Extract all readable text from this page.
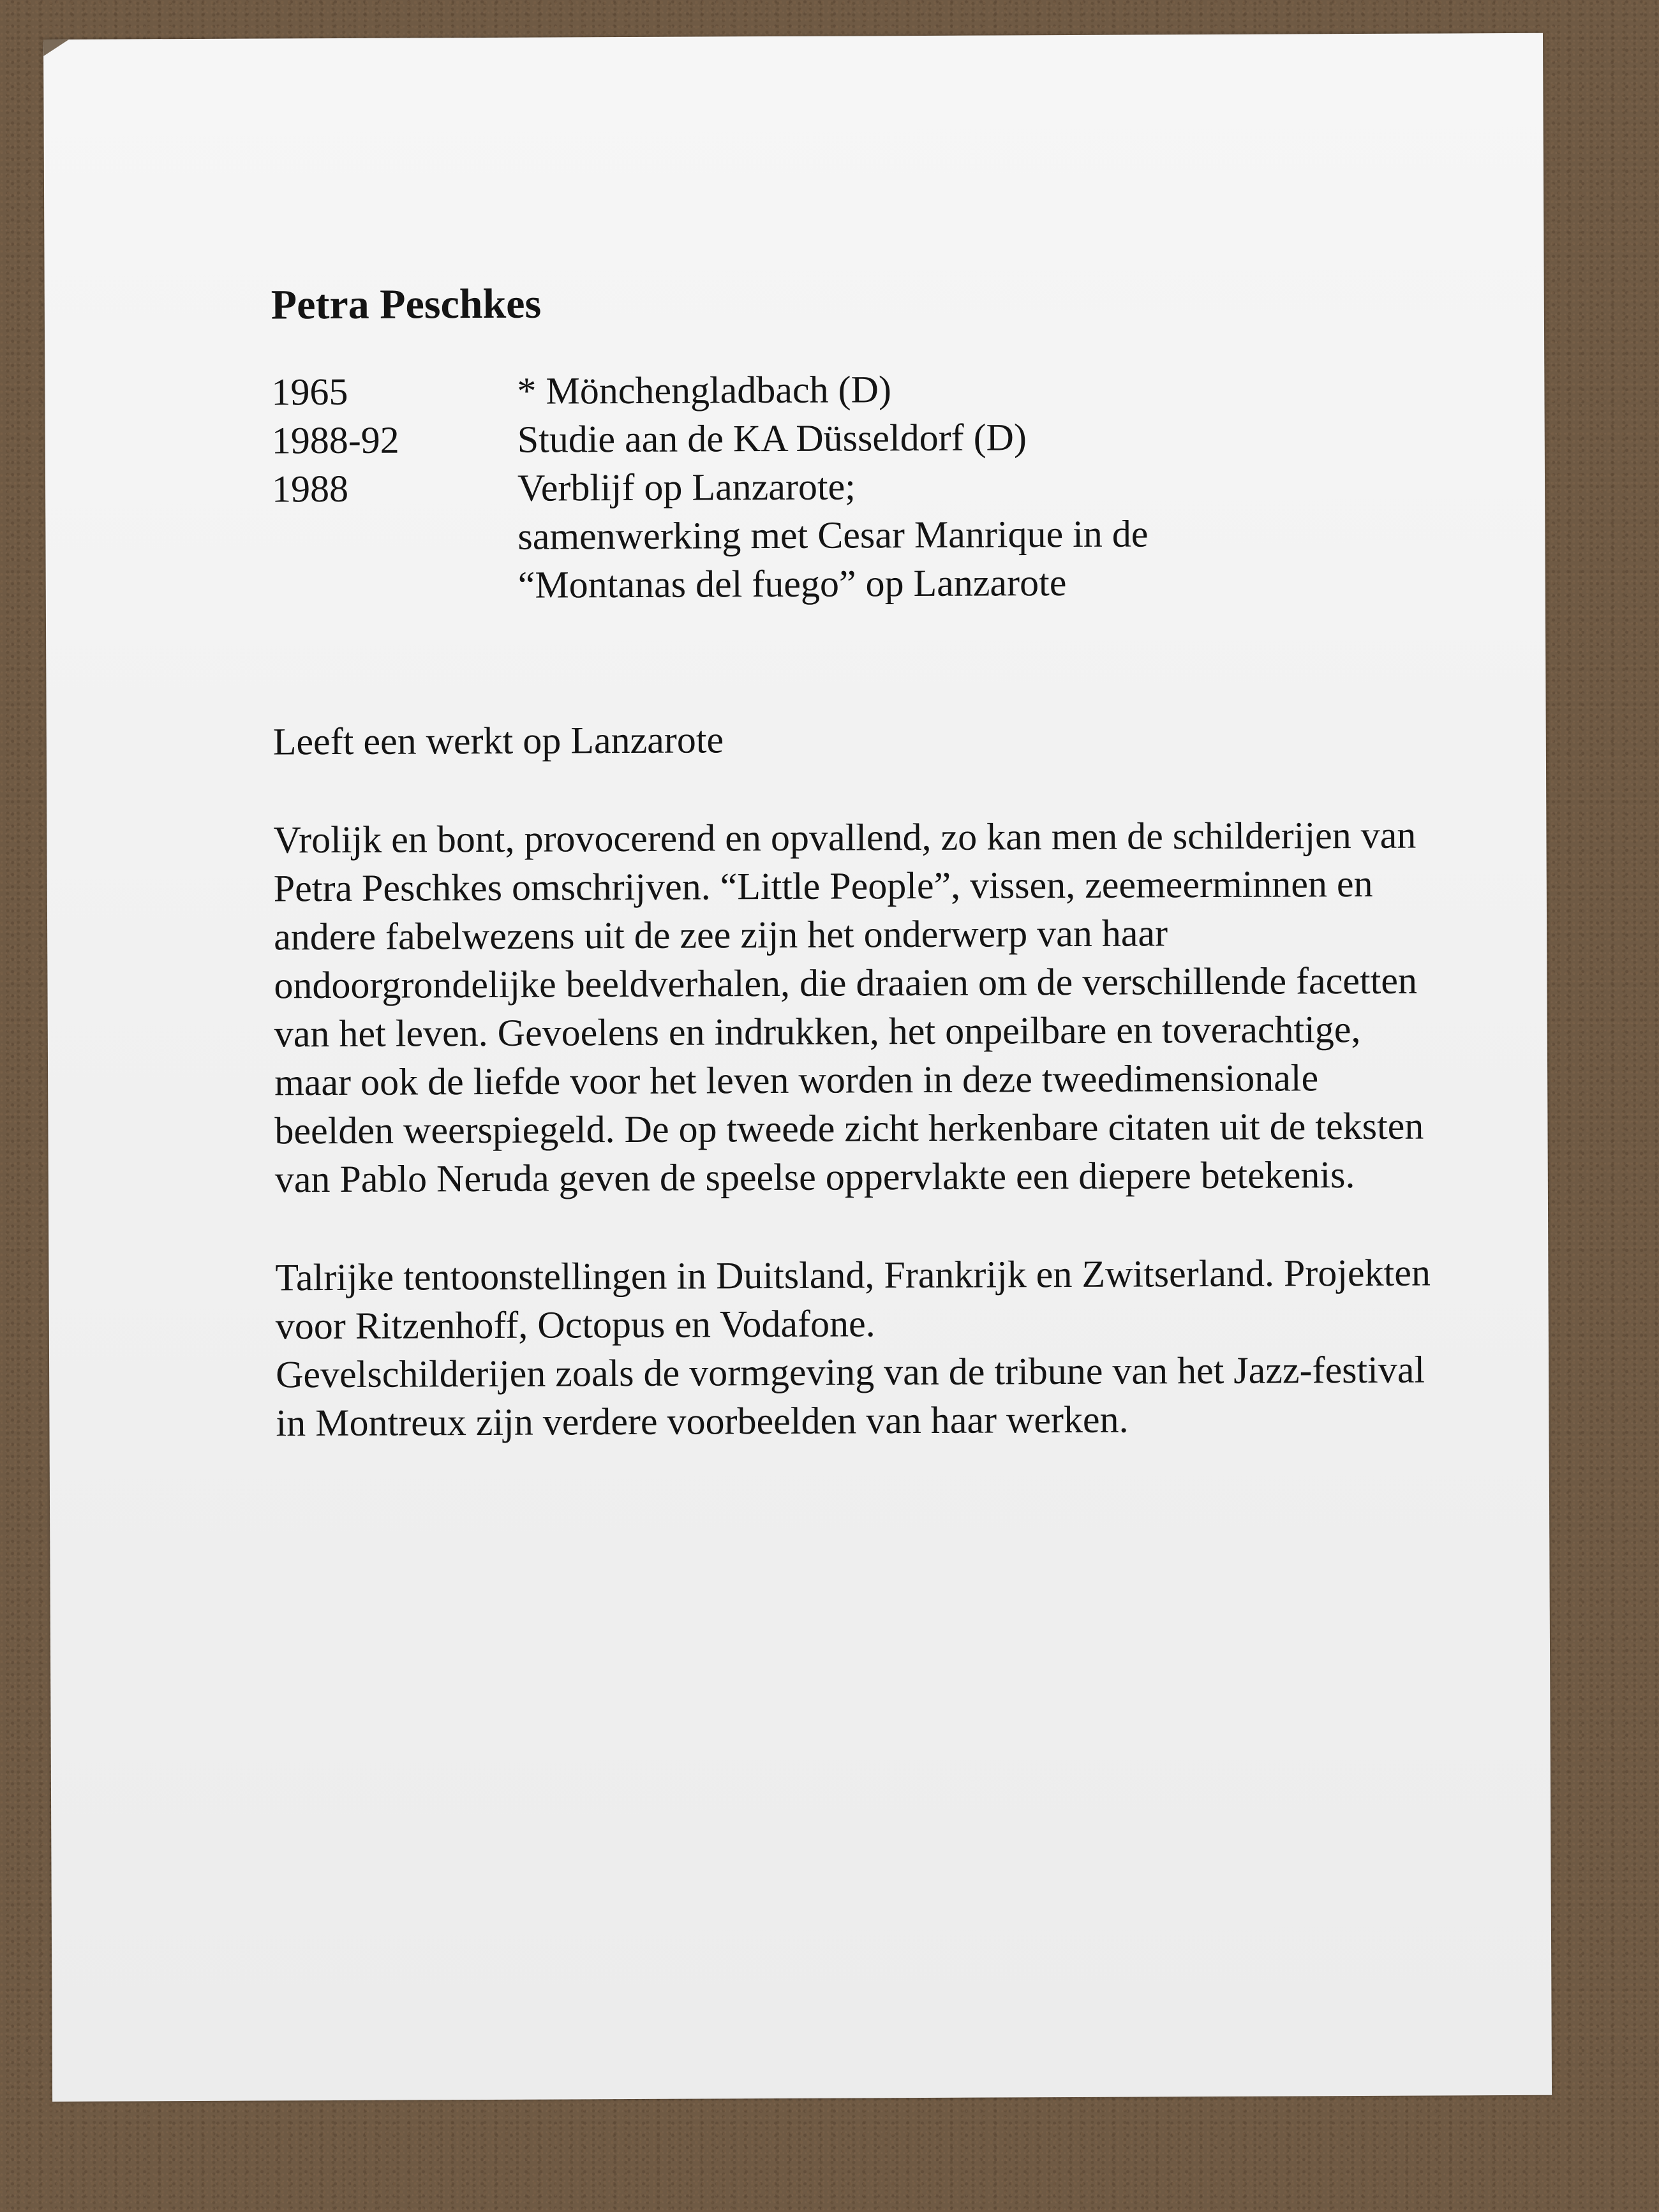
Petra Peschkes
1965	* Mönchengladbach (D)
1988-92	Studie aan de KA Düsseldorf (D)
1988	Verblijf op Lanzarote;
samenwerking met Cesar Manrique in de
“Montanas del fuego” op Lanzarote
Leeft een werkt op Lanzarote
Vrolijk en bont, provocerend en opvallend, zo kan men de schilderijen van Petra Peschkes omschrijven. “Little People”, vissen, zeemeerminnen en andere fabelwezens uit de zee zijn het onderwerp van haar ondoorgrondelijke beeldverhalen, die draaien om de verschillende facetten van het leven. Gevoelens en indrukken, het onpeilbare en toverachtige, maar ook de liefde voor het leven worden in deze tweedimensionale beelden weerspiegeld. De op tweede zicht herkenbare citaten uit de teksten van Pablo Neruda geven de speelse oppervlakte een diepere betekenis.
Talrijke tentoonstellingen in Duitsland, Frankrijk en Zwitserland. Projekten voor Ritzenhoff, Octopus en Vodafone.
Gevelschilderijen zoals de vormgeving van de tribune van het Jazz-festival in Montreux zijn verdere voorbeelden van haar werken.
